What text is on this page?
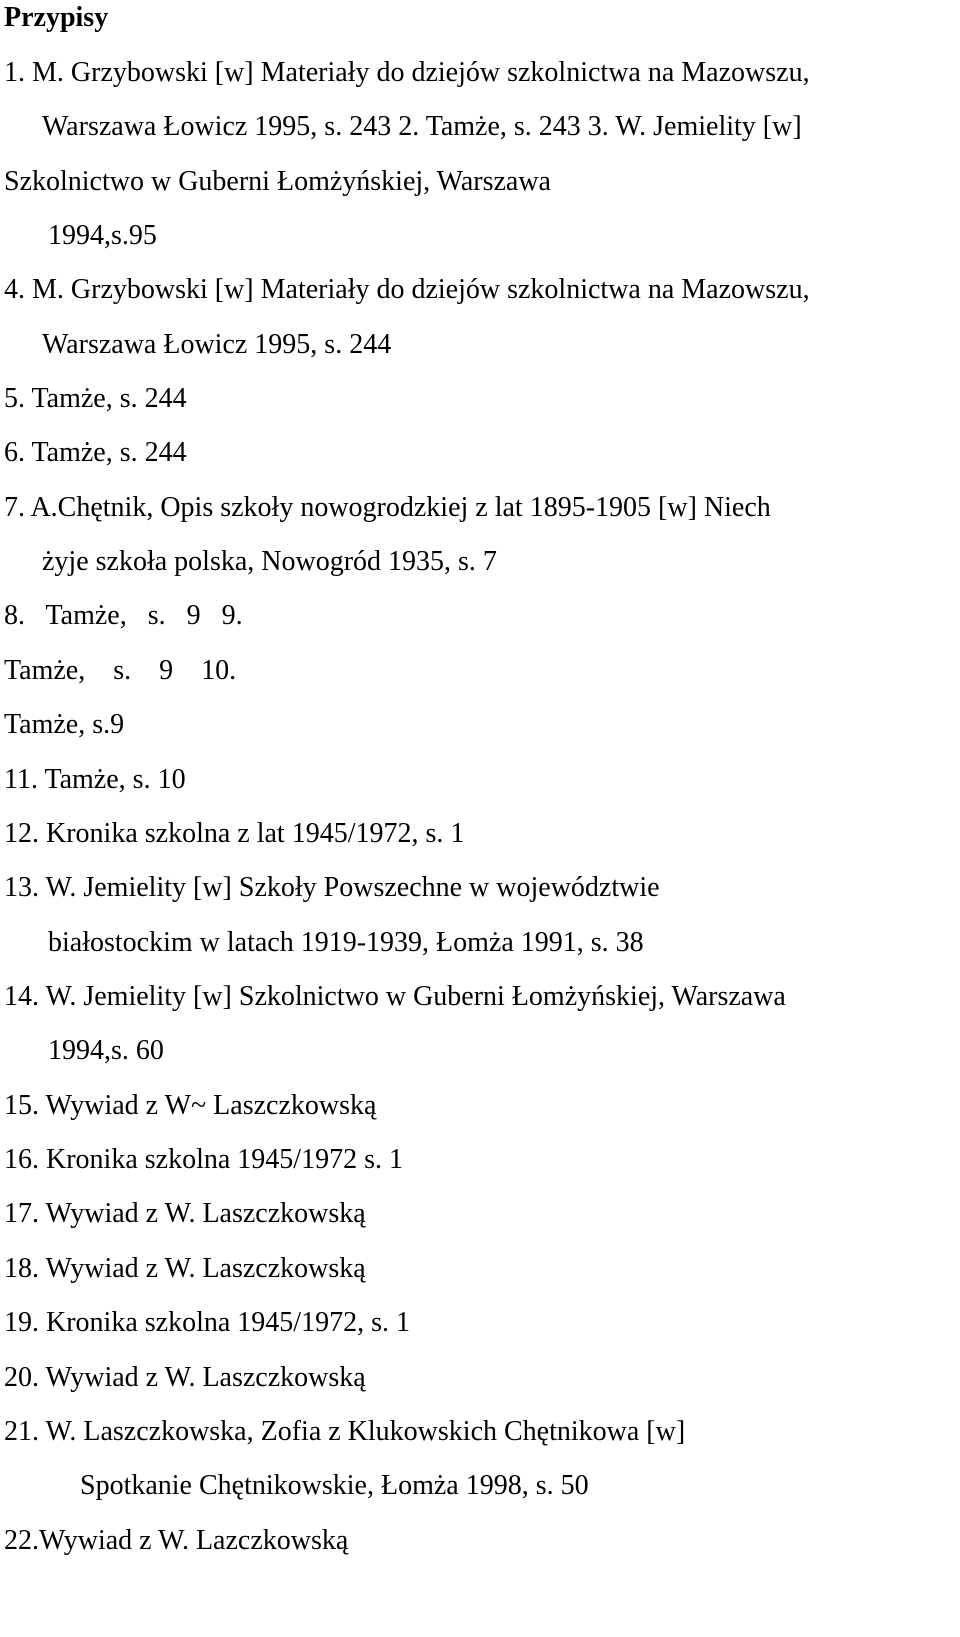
Przypisy

1. M. Grzybowski [w] Materiały do dziejów szkolnictwa na Mazowszu,

Warszawa Łowicz 1995, s. 243 2. Tamże, s. 243 3. W. Jemielity [w]

Szkolnictwo w Guberni Łomżyńskiej, Warszawa

1994,s.95

4. M. Grzybowski [w] Materiały do dziejów szkolnictwa na Mazowszu,

Warszawa Łowicz 1995, s. 244

5. Tamże, s. 244

6. Tamże, s. 244

7. A.Chętnik, Opis szkoły nowogrodzkiej z lat 1895-1905 [w] Niech

żyje szkoła polska, Nowogród 1935, s. 7

8.   Tamże,   s.   9   9.

Tamże,    s.    9    10.

Tamże, s.9

11. Tamże, s. 10

12. Kronika szkolna z lat 1945/1972, s. 1

13. W. Jemielity [w] Szkoły Powszechne w województwie

białostockim w latach 1919-1939, Łomża 1991, s. 38

14. W. Jemielity [w] Szkolnictwo w Guberni Łomżyńskiej, Warszawa

1994,s. 60

15. Wywiad z W~ Laszczkowską

16. Kronika szkolna 1945/1972 s. 1

17. Wywiad z W. Laszczkowską

18. Wywiad z W. Laszczkowską

19. Kronika szkolna 1945/1972, s. 1

20. Wywiad z W. Laszczkowską

21. W. Laszczkowska, Zofia z Klukowskich Chętnikowa [w]

Spotkanie Chętnikowskie, Łomża 1998, s. 50

22.Wywiad z W. Lazczkowską
